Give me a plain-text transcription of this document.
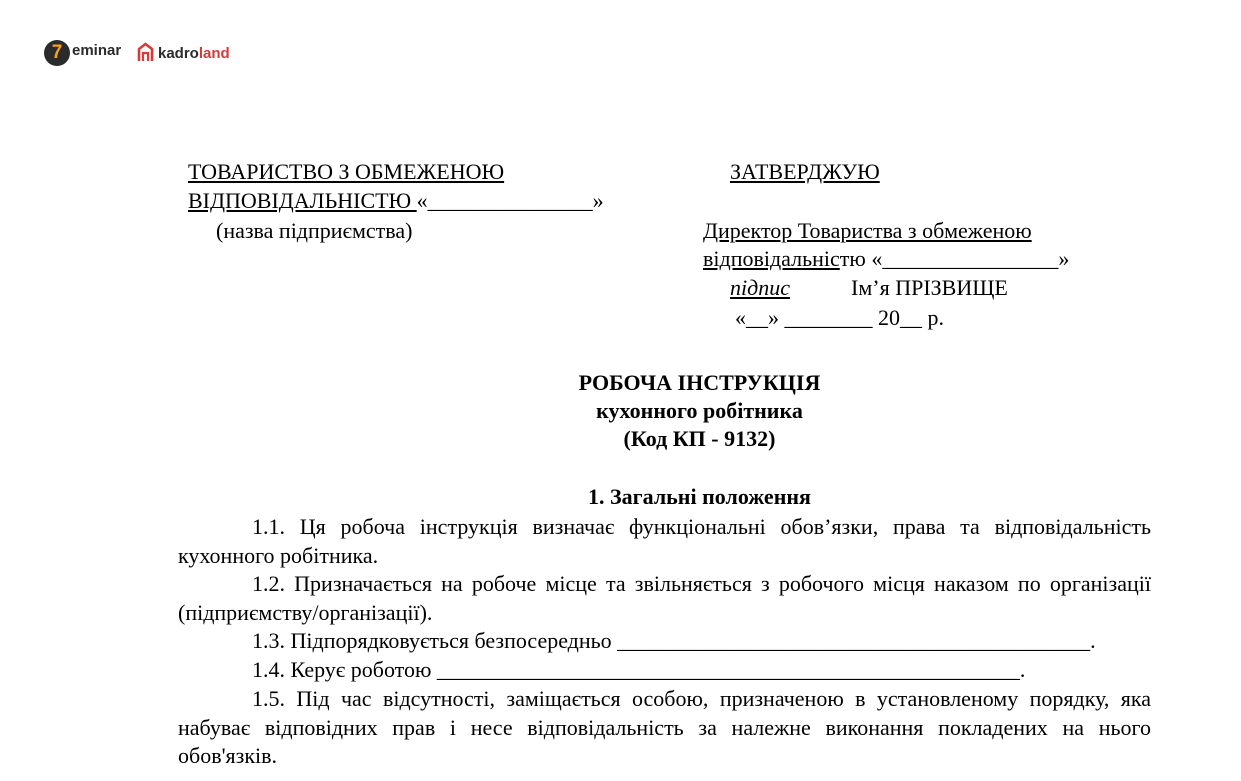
7 eminar kadroland
ТОВАРИСТВО З ОБМЕЖЕНОЮ
ВІДПОВІДАЛЬНІСТЮ «_______________»
(назва підприємства)
ЗАТВЕРДЖУЮ
Директор Товариства з обмеженою
відповідальністю «________________»
підпис	Ім’я ПРІЗВИЩЕ
«__» ________ 20__ р.
РОБОЧА ІНСТРУКЦІЯ
кухонного робітника
(Код КП - 9132)
1. Загальні положення
1.1. Ця робоча інструкція визначає функціональні обов’язки, права та відповідальність кухонного робітника.
1.2. Призначається на робоче місце та звільняється з робочого місця наказом по організації (підприємству/організації).
1.3. Підпорядковується безпосередньо ___________________________________________.
1.4. Керує роботою _____________________________________________________.
1.5. Під час відсутності, заміщається особою, призначеною в установленому порядку, яка набуває відповідних прав і несе відповідальність за належне виконання покладених на нього обов'язків.
